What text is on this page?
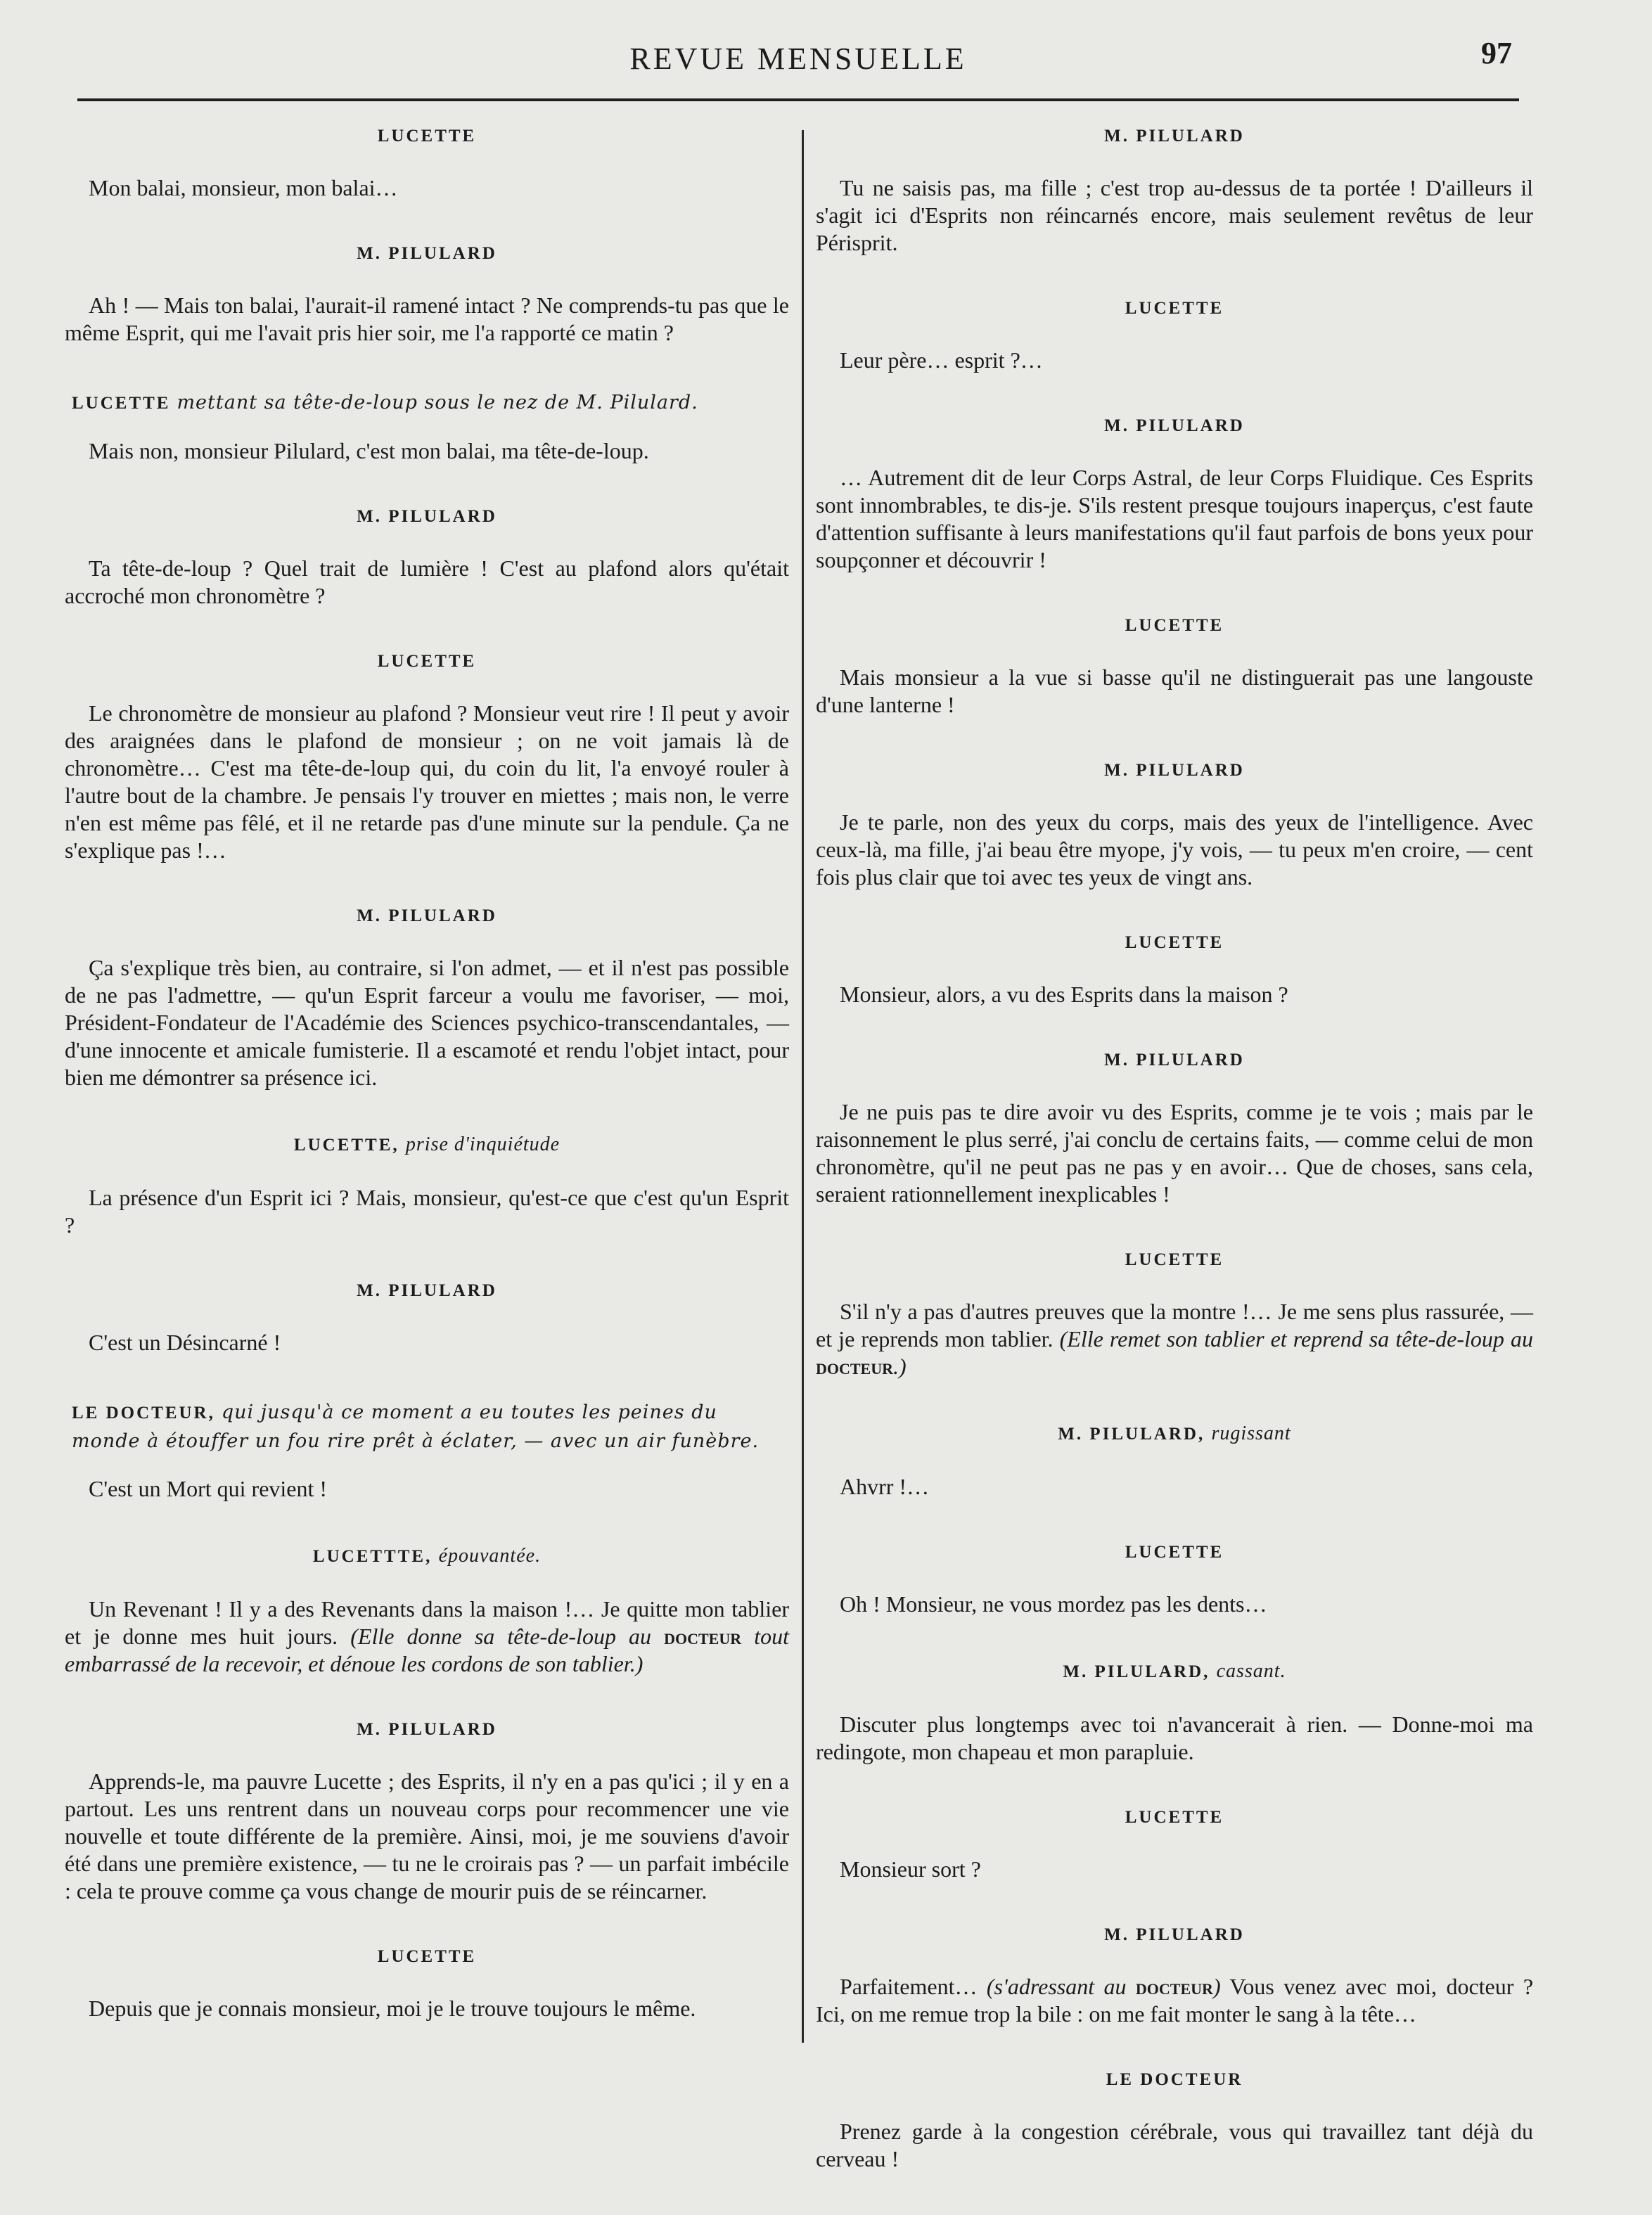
REVUE MENSUELLE	97
LUCETTE
Mon balai, monsieur, mon balai…
M. PILULARD
Ah ! — Mais ton balai, l'aurait-il ramené intact ? Ne comprends-tu pas que le même Esprit, qui me l'avait pris hier soir, me l'a rapporté ce matin ?
LUCETTE mettant sa tête-de-loup sous le nez de M. Pilulard.
Mais non, monsieur Pilulard, c'est mon balai, ma tête-de-loup.
M. PILULARD
Ta tête-de-loup ? Quel trait de lumière ! C'est au plafond alors qu'était accroché mon chronomètre ?
LUCETTE
Le chronomètre de monsieur au plafond ? Monsieur veut rire ! Il peut y avoir des araignées dans le plafond de monsieur ; on ne voit jamais là de chronomètre… C'est ma tête-de-loup qui, du coin du lit, l'a envoyé rouler à l'autre bout de la chambre. Je pensais l'y trouver en miettes ; mais non, le verre n'en est même pas fêlé, et il ne retarde pas d'une minute sur la pendule. Ça ne s'explique pas !…
M. PILULARD
Ça s'explique très bien, au contraire, si l'on admet, — et il n'est pas possible de ne pas l'admettre, — qu'un Esprit farceur a voulu me favoriser, — moi, Président-Fondateur de l'Académie des Sciences psychico-transcendantales, — d'une innocente et amicale fumisterie. Il a escamoté et rendu l'objet intact, pour bien me démontrer sa présence ici.
LUCETTE, prise d'inquiétude
La présence d'un Esprit ici ? Mais, monsieur, qu'est-ce que c'est qu'un Esprit ?
M. PILULARD
C'est un Désincarné !
LE DOCTEUR, qui jusqu'à ce moment a eu toutes les peines du monde à étouffer un fou rire prêt à éclater, — avec un air funèbre.
C'est un Mort qui revient !
LUCETTTE, épouvantée.
Un Revenant ! Il y a des Revenants dans la maison !… Je quitte mon tablier et je donne mes huit jours. (Elle donne sa tête-de-loup au docteur tout embarrassé de la recevoir, et dénoue les cordons de son tablier.)
M. PILULARD
Apprends-le, ma pauvre Lucette ; des Esprits, il n'y en a pas qu'ici ; il y en a partout. Les uns rentrent dans un nouveau corps pour recommencer une vie nouvelle et toute différente de la première. Ainsi, moi, je me souviens d'avoir été dans une première existence, — tu ne le croirais pas ? — un parfait imbécile : cela te prouve comme ça vous change de mourir puis de se réincarner.
LUCETTE
Depuis que je connais monsieur, moi je le trouve toujours le même.
M. PILULARD
Tu ne saisis pas, ma fille ; c'est trop au-dessus de ta portée ! D'ailleurs il s'agit ici d'Esprits non réincarnés encore, mais seulement revêtus de leur Périsprit.
LUCETTE
Leur père… esprit ?…
M. PILULARD
… Autrement dit de leur Corps Astral, de leur Corps Fluidique. Ces Esprits sont innombrables, te dis-je. S'ils restent presque toujours inaperçus, c'est faute d'attention suffisante à leurs manifestations qu'il faut parfois de bons yeux pour soupçonner et découvrir !
LUCETTE
Mais monsieur a la vue si basse qu'il ne distinguerait pas une langouste d'une lanterne !
M. PILULARD
Je te parle, non des yeux du corps, mais des yeux de l'intelligence. Avec ceux-là, ma fille, j'ai beau être myope, j'y vois, — tu peux m'en croire, — cent fois plus clair que toi avec tes yeux de vingt ans.
LUCETTE
Monsieur, alors, a vu des Esprits dans la maison ?
M. PILULARD
Je ne puis pas te dire avoir vu des Esprits, comme je te vois ; mais par le raisonnement le plus serré, j'ai conclu de certains faits, — comme celui de mon chronomètre, qu'il ne peut pas ne pas y en avoir… Que de choses, sans cela, seraient rationnellement inexplicables !
LUCETTE
S'il n'y a pas d'autres preuves que la montre !… Je me sens plus rassurée, — et je reprends mon tablier. (Elle remet son tablier et reprend sa tête-de-loup au docteur.)
M. PILULARD, rugissant
Ahvrr !…
LUCETTE
Oh ! Monsieur, ne vous mordez pas les dents…
M. PILULARD, cassant.
Discuter plus longtemps avec toi n'avancerait à rien. — Donne-moi ma redingote, mon chapeau et mon parapluie.
LUCETTE
Monsieur sort ?
M. PILULARD
Parfaitement… (s'adressant au docteur) Vous venez avec moi, docteur ? Ici, on me remue trop la bile : on me fait monter le sang à la tête…
LE DOCTEUR
Prenez garde à la congestion cérébrale, vous qui travaillez tant déjà du cerveau !
